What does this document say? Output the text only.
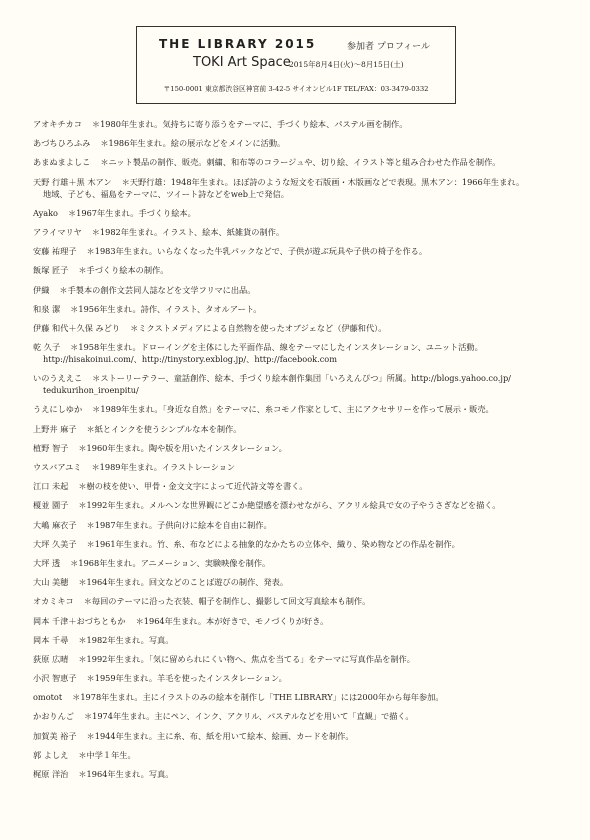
THE LIBRARY 2015	参加者 プロフィール
TOKI Art Space
2015年8月4日(火)〜8月15日(土)
〒150-0001 東京都渋谷区神宮前 3-42-5 サイオンビル1F TEL/FAX：03-3479-0332
アオキチカコ ＊1980年生まれ。気持ちに寄り添うをテーマに、手づくり絵本、パステル画を制作。
あづちひろふみ ＊1986年生まれ。絵の展示などをメインに活動。
あまぬまよしこ ＊ニット製品の制作、販売。刺繍、和布等のコラージュや、切り絵、イラスト等と組み合わせた作品を制作。
天野 行雄＋黒 木アン ＊天野行雄：1948年生まれ。ほぼ詩のような短文を石版画・木版画などで表現。黒木アン：1966年生まれ。
地域、子ども、福島をテーマに、ツイート詩などをweb上で発信。
Ayako ＊1967年生まれ。手づくり絵本。
アライマリヤ ＊1982年生まれ。イラスト、絵本、紙雑貨の制作。
安藤 祐理子 ＊1983年生まれ。いらなくなった牛乳パックなどで、子供が遊ぶ玩具や子供の椅子を作る。
飯塚 匠子 ＊手づくり絵本の制作。
伊織 ＊手製本の創作文芸同人誌などを文学フリマに出品。
和泉 潔 ＊1956年生まれ。詩作、イラスト、タオルアート。
伊藤 和代＋久保 みどり ＊ミクストメディアによる自然物を使ったオブジェなど（伊藤和代）。
乾 久子 ＊1958年生まれ。ドローイングを主体にした平面作品、線をテーマにしたインスタレーション、ユニット活動。
http://hisakoinui.com/、http://tinystory.exblog.jp/、http://facebook.com
いのうええこ ＊ストーリーテラー、童話創作、絵本、手づくり絵本創作集団「いろえんぴつ」所属。http://blogs.yahoo.co.jp/
tedukurihon_iroenpitu/
うえにしゆか ＊1989年生まれ。「身近な自然」をテーマに、糸コモノ作家として、主にアクセサリーを作って展示・販売。
上野井 麻子 ＊紙とインクを使うシンプルな本を制作。
植野 智子 ＊1960年生まれ。陶や版を用いたインスタレーション。
ウスバアユミ ＊1989年生まれ。イラストレーション
江口 未起 ＊樹の枝を使い、甲骨・金文文字によって近代詩文等を書く。
榎並 園子 ＊1992年生まれ。メルヘンな世界観にどこか絶望感を漂わせながら、アクリル絵具で女の子やうさぎなどを描く。
大嶋 麻衣子 ＊1987年生まれ。子供向けに絵本を自由に制作。
大坪 久美子 ＊1961年生まれ。竹、糸、布などによる抽象的なかたちの立体や、織り、染め物などの作品を制作。
大坪 透 ＊1968年生まれ。アニメーション、実験映像を制作。
大山 美穂 ＊1964年生まれ。回文などのことば遊びの制作、発表。
オカミキコ ＊毎回のテーマに沿った衣装、帽子を制作し、撮影して回文写真絵本も制作。
岡本 千津＋おづちともか ＊1964年生まれ。本が好きで、モノづくりが好き。
岡本 千尋 ＊1982年生まれ。写真。
荻原 広晴 ＊1992年生まれ。「気に留められにくい物へ、焦点を当てる」をテーマに写真作品を制作。
小沢 智恵子 ＊1959年生まれ。羊毛を使ったインスタレーション。
omotot ＊1978年生まれ。主にイラストのみの絵本を制作し「THE LIBRARY」には2000年から毎年参加。
かおりんご ＊1974年生まれ。主にペン、インク、アクリル、パステルなどを用いて「直観」で描く。
加賀美 裕子 ＊1944年生まれ。主に糸、布、紙を用いて絵本、絵画、カードを制作。
郭 よしえ ＊中学１年生。
梶原 洋治 ＊1964年生まれ。写真。
